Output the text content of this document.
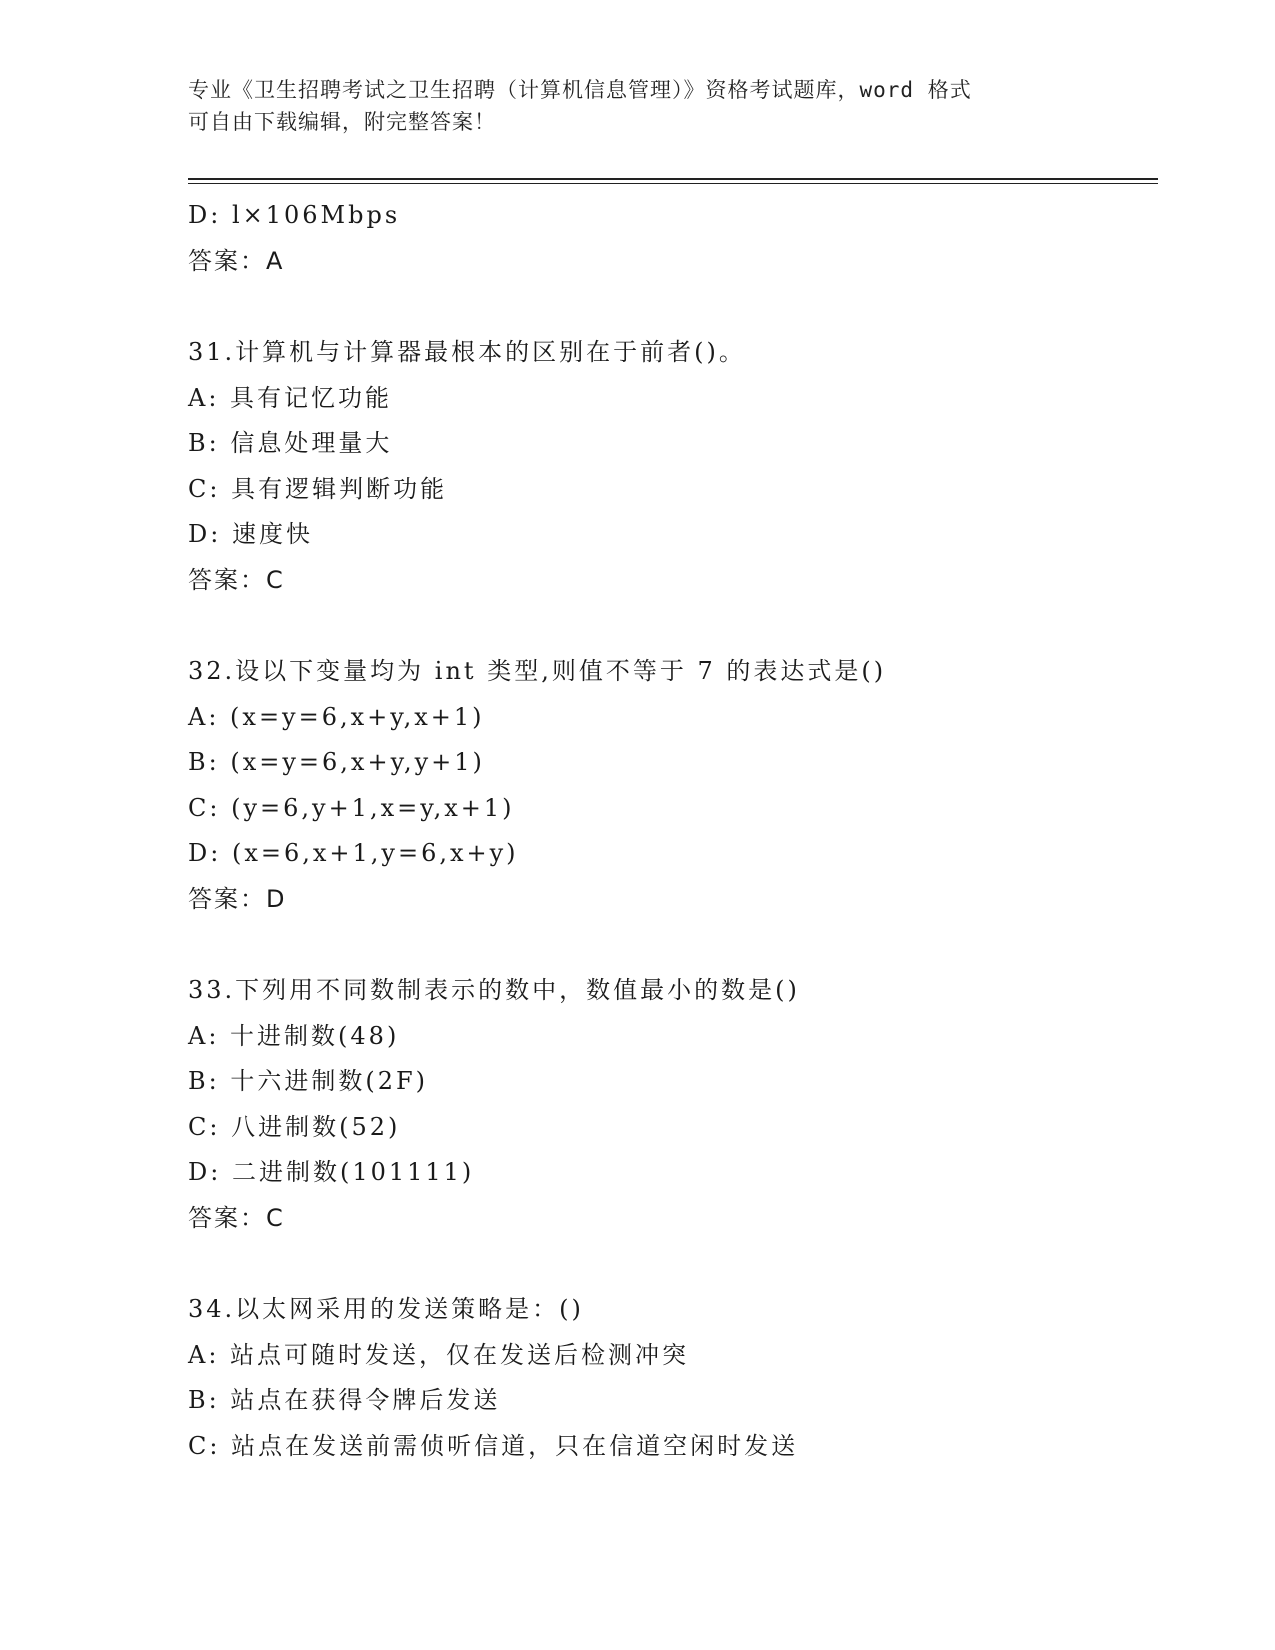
专业《卫生招聘考试之卫生招聘（计算机信息管理）》资格考试题库，word 格式
可自由下载编辑，附完整答案！
D: l×106Mbps
答案：A
31.计算机与计算器最根本的区别在于前者()。
A: 具有记忆功能
B: 信息处理量大
C: 具有逻辑判断功能
D: 速度快
答案：C
32.设以下变量均为 int 类型,则值不等于 7 的表达式是()
A: (x=y=6,x+y,x+1)
B: (x=y=6,x+y,y+1)
C: (y=6,y+1,x=y,x+1)
D: (x=6,x+1,y=6,x+y)
答案：D
33.下列用不同数制表示的数中，数值最小的数是()
A: 十进制数(48)
B: 十六进制数(2F)
C: 八进制数(52)
D: 二进制数(101111)
答案：C
34.以太网采用的发送策略是：()
A: 站点可随时发送，仅在发送后检测冲突
B: 站点在获得令牌后发送
C: 站点在发送前需侦听信道，只在信道空闲时发送
